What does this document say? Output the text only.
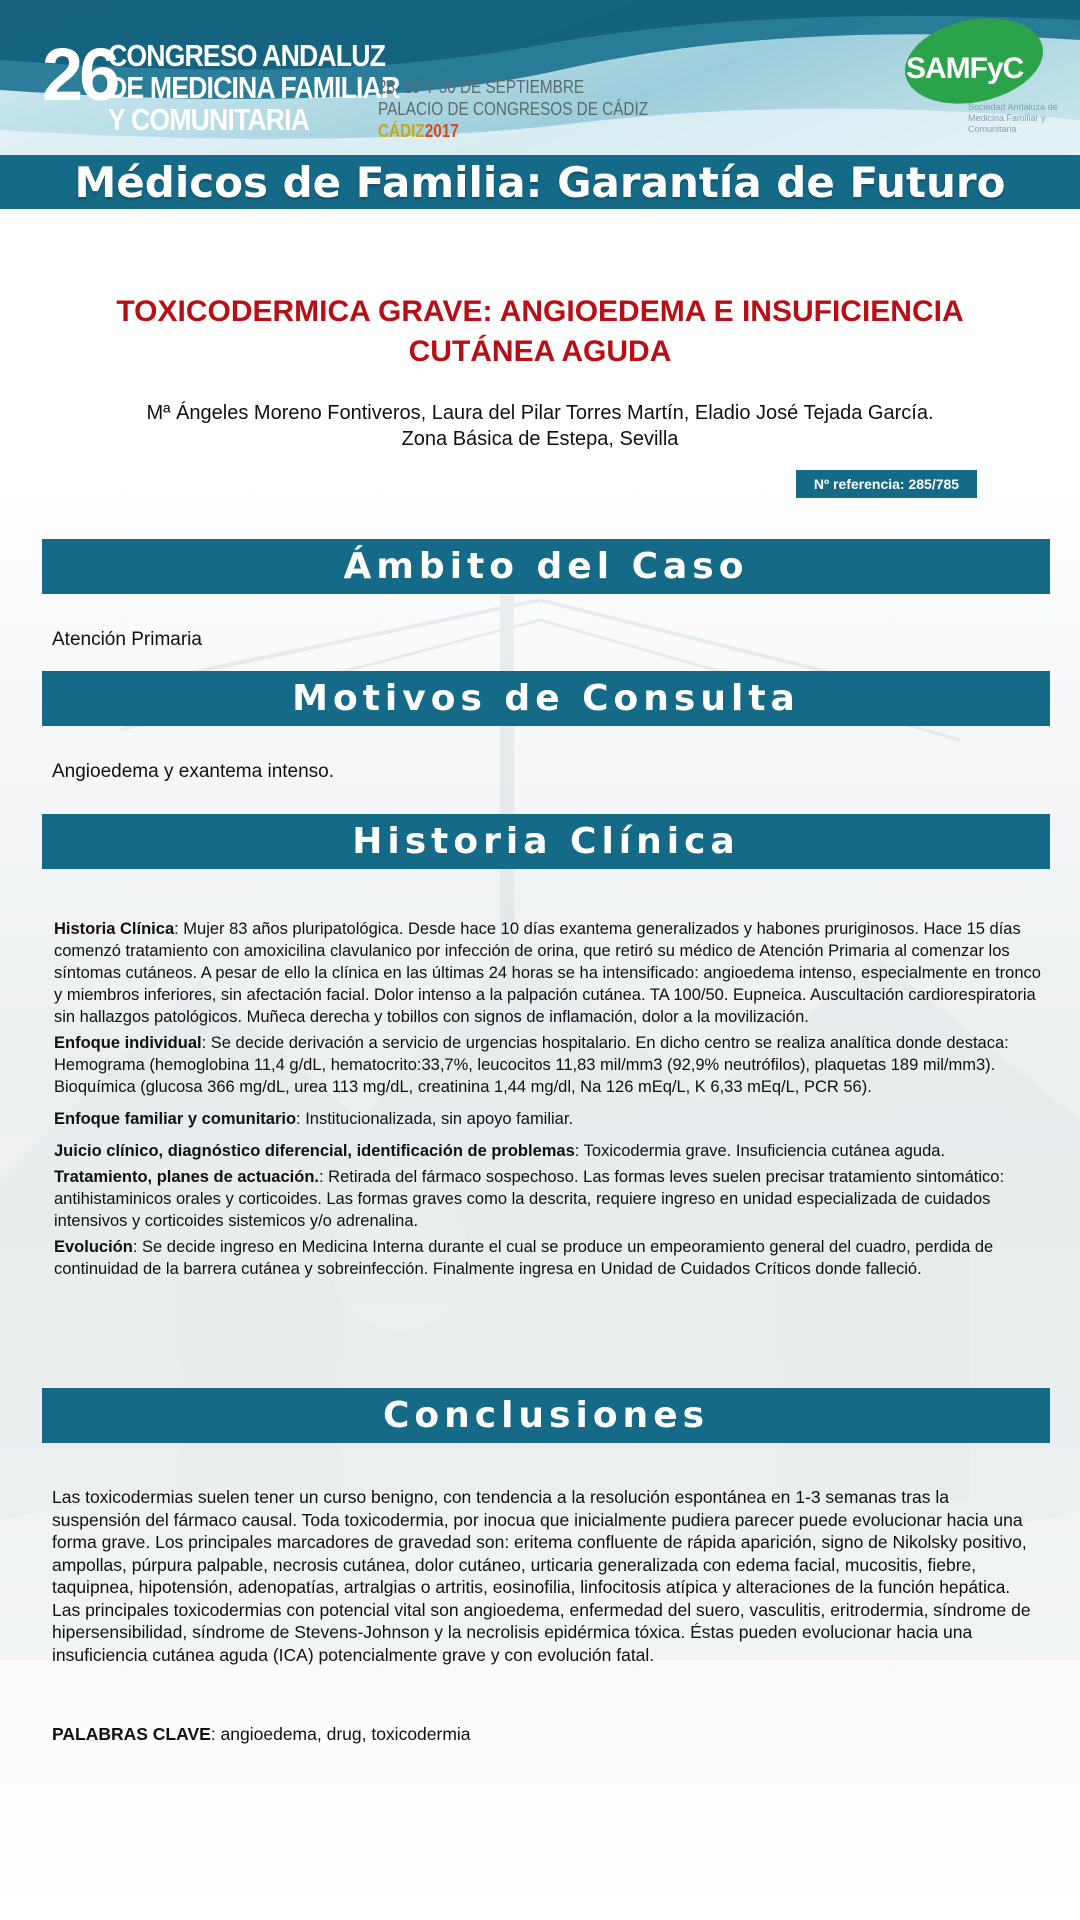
26
CONGRESO ANDALUZ
DE MEDICINA FAMILIAR
Y COMUNITARIA
28, 29 Y 30 DE SEPTIEMBRE
PALACIO DE CONGRESOS DE CÁDIZ
CÁDIZ2017
SAMFyC
Sociedad Andaluza de Medicina Familiar y Comunitaria
Médicos de Familia: Garantía de Futuro
TOXICODERMICA GRAVE: ANGIOEDEMA E INSUFICIENCIA
CUTÁNEA AGUDA
Mª Ángeles Moreno Fontiveros, Laura del Pilar Torres Martín, Eladio José Tejada García.
Zona Básica de Estepa, Sevilla
Nº referencia: 285/785
Ámbito del Caso
Atención Primaria
Motivos de Consulta
Angioedema y exantema intenso.
Historia Clínica

Historia Clínica: Mujer 83 años pluripatológica. Desde hace 10 días exantema generalizados y habones pruriginosos. Hace 15 días comenzó tratamiento con amoxicilina clavulanico por infección de orina, que retiró su médico de Atención Primaria al comenzar los síntomas cutáneos. A pesar de ello la clínica en las últimas 24 horas se ha intensificado: angioedema intenso, especialmente en tronco y miembros inferiores, sin afectación facial. Dolor intenso a la palpación cutánea. TA 100/50. Eupneica. Auscultación cardiorespiratoria sin hallazgos patológicos. Muñeca derecha y tobillos con signos de inflamación, dolor a la movilización.

Enfoque individual: Se decide derivación a servicio de urgencias hospitalario. En dicho centro se realiza analítica donde destaca: Hemograma (hemoglobina 11,4 g/dL, hematocrito:33,7%, leucocitos 11,83 mil/mm3 (92,9% neutrófilos), plaquetas 189 mil/mm3). Bioquímica (glucosa 366 mg/dL, urea 113 mg/dL, creatinina 1,44 mg/dl, Na 126 mEq/L, K 6,33 mEq/L, PCR 56).

Enfoque familiar y comunitario: Institucionalizada, sin apoyo familiar.

Juicio clínico, diagnóstico diferencial, identificación de problemas: Toxicodermia grave. Insuficiencia cutánea aguda.

Tratamiento, planes de actuación.: Retirada del fármaco sospechoso. Las formas leves suelen precisar tratamiento sintomático: antihistaminicos orales y corticoides. Las formas graves como la descrita, requiere ingreso en unidad especializada de cuidados intensivos y corticoides sistemicos y/o adrenalina.

Evolución: Se decide ingreso en Medicina Interna durante el cual se produce un empeoramiento general del cuadro, perdida de continuidad de la barrera cutánea y sobreinfección. Finalmente ingresa en Unidad de Cuidados Críticos donde falleció.

Conclusiones
Las toxicodermias suelen tener un curso benigno, con tendencia a la resolución espontánea en 1-3 semanas tras la suspensión del fármaco causal. Toda toxicodermia, por inocua que inicialmente pudiera parecer puede evolucionar hacia una forma grave. Los principales marcadores de gravedad son: eritema confluente de rápida aparición, signo de Nikolsky positivo, ampollas, púrpura palpable, necrosis cutánea, dolor cutáneo, urticaria generalizada con edema facial, mucositis, fiebre, taquipnea, hipotensión, adenopatías, artralgias o artritis, eosinofilia, linfocitosis atípica y alteraciones de la función hepática. Las principales toxicodermias con potencial vital son angioedema, enfermedad del suero, vasculitis, eritrodermia, síndrome de hipersensibilidad, síndrome de Stevens-Johnson y la necrolisis epidérmica tóxica. Éstas pueden evolucionar hacia una insuficiencia cutánea aguda (ICA) potencialmente grave y con evolución fatal.
PALABRAS CLAVE: angioedema, drug, toxicodermia
